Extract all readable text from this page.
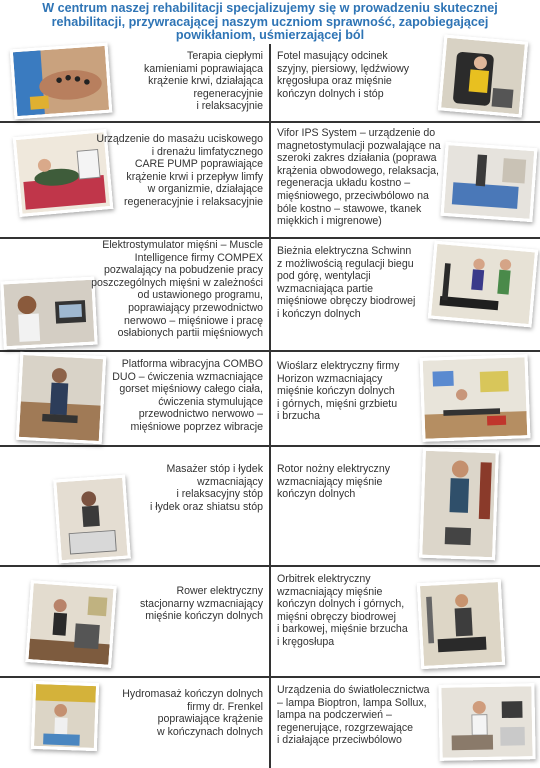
W centrum naszej rehabilitacji specjalizujemy się w prowadzeniu skutecznej
rehabilitacji, przywracającej naszym uczniom sprawność, zapobiegającej
powikłaniom, uśmierzającej ból
Terapia ciepłymi
kamieniami poprawiająca
krążenie krwi, działająca
regeneracyjnie
i relaksacyjnie
Fotel masujący odcinek
szyjny, piersiowy, lędźwiowy
kręgosłupa oraz mięśnie
kończyn dolnych i stóp
Urządzenie do masażu uciskowego
i drenażu limfatycznego
CARE PUMP poprawiające
krążenie krwi i przepływ limfy
w organizmie, działające
regeneracyjnie i relaksacyjnie
Vifor IPS System – urządzenie do
magnetostymulacji pozwalające na
szeroki zakres działania (poprawa
krążenia obwodowego, relaksacja,
regeneracja układu kostno –
mięśniowego, przeciwbólowo na
bóle kostno – stawowe, tkanek
miękkich i migrenowe)
Elektrostymulator mięśni – Muscle
Intelligence firmy COMPEX
pozwalający na pobudzenie pracy
poszczególnych mięśni w zależności
od ustawionego programu,
poprawiający przewodnictwo
nerwowo – mięśniowe i pracę
osłabionych partii mięśniowych
Bieżnia elektryczna Schwinn
z możliwością regulacji biegu
pod górę, wentylacji
wzmacniająca partie
mięśniowe obręczy biodrowej
i kończyn dolnych
Platforma wibracyjna COMBO
DUO – ćwiczenia wzmacniające
gorset mięśniowy całego ciała,
ćwiczenia stymulujące
przewodnictwo nerwowo –
mięśniowe poprzez wibracje
Wioślarz elektryczny firmy
Horizon wzmacniający
mięśnie kończyn dolnych
i górnych, mięśni grzbietu
i brzucha
Masażer stóp i łydek
wzmacniający
i relaksacyjny stóp
i łydek oraz shiatsu stóp
Rotor nożny elektryczny
wzmacniający mięśnie
kończyn dolnych
Rower elektryczny
stacjonarny wzmacniający
mięśnie kończyn dolnych
Orbitrek elektryczny
wzmacniający mięśnie
kończyn dolnych i górnych,
mięśni obręczy biodrowej
i barkowej, mięśnie brzucha
i kręgosłupa
Hydromasaż kończyn dolnych
firmy dr. Frenkel
poprawiające krążenie
w kończynach dolnych
Urządzenia do światłolecznictwa
– lampa Bioptron, lampa Sollux,
lampa na podczerwień –
regenerujące, rozgrzewające
i działające przeciwbólowo
